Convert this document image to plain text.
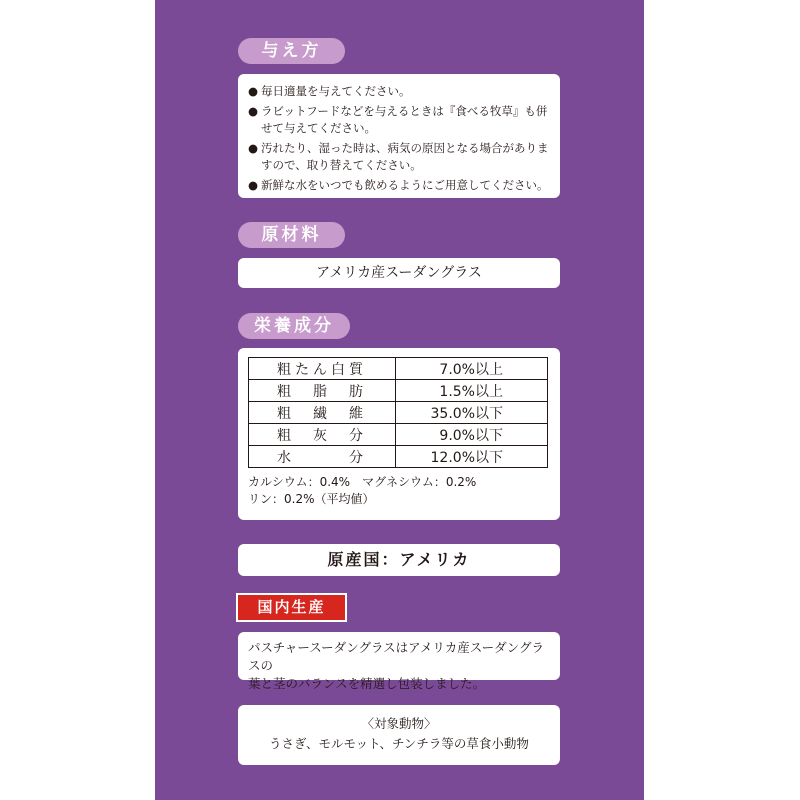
与え方
● 毎日適量を与えてください。
● ラビットフードなどを与えるときは『食べる牧草』も併せて与えてください。
● 汚れたり、湿った時は、病気の原因となる場合がありますので、取り替えてください。
● 新鮮な水をいつでも飲めるようにご用意してください。
原材料
アメリカ産スーダングラス
栄養成分
粗たん白質	7.0%以上
粗　脂　肪	1.5%以上
粗　繊　維	35.0%以下
粗　灰　分	9.0%以下
水　　　分	12.0%以下
カルシウム：0.4%　マグネシウム：0.2%
リン：0.2%（平均値）
原産国：アメリカ
国内生産
パスチャースーダングラスはアメリカ産スーダングラスの
葉と茎のバランスを精選し包装しました。
〈対象動物〉
うさぎ、モルモット、チンチラ等の草食小動物
